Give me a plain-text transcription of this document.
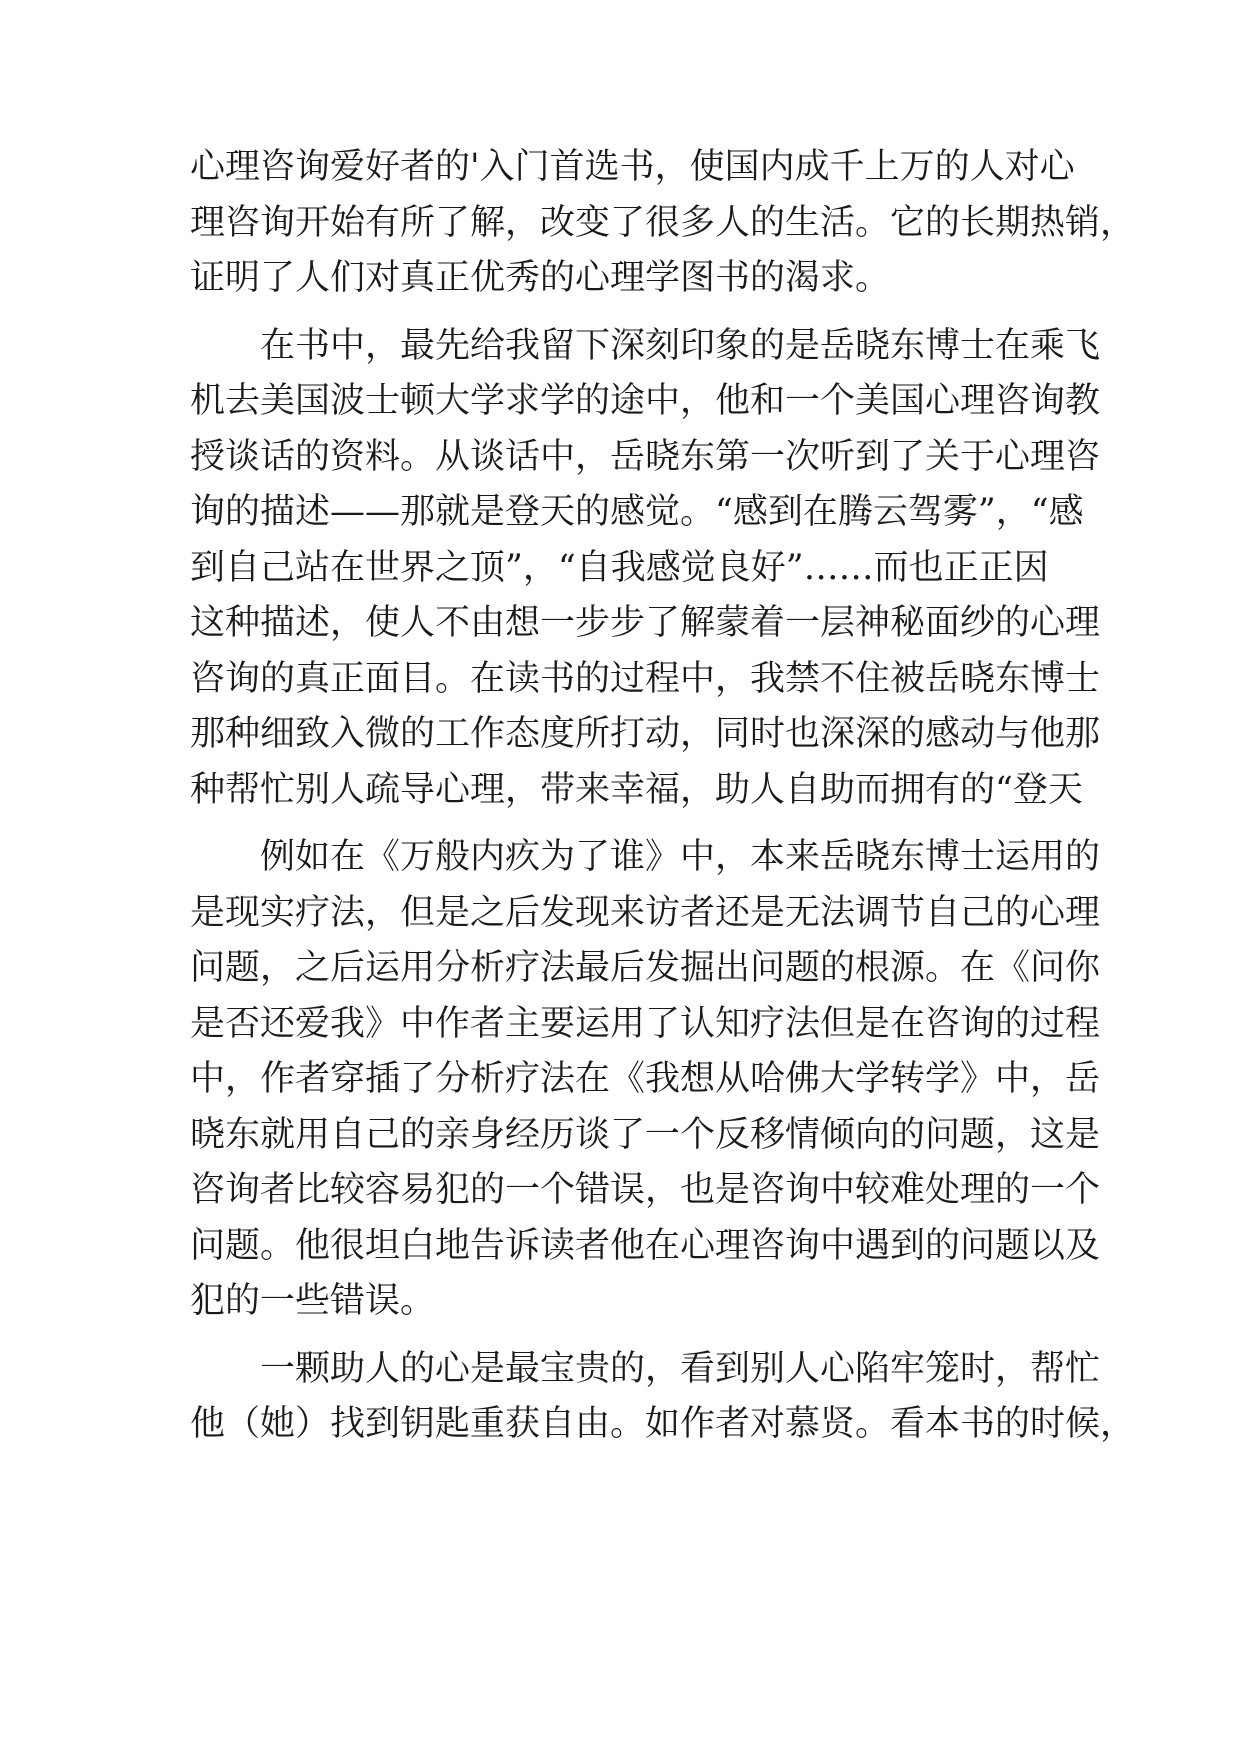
心理咨询爱好者的'入门首选书，使国内成千上万的人对心
理咨询开始有所了解，改变了很多人的生活。它的长期热销，
证明了人们对真正优秀的心理学图书的渴求。
　　在书中，最先给我留下深刻印象的是岳晓东博士在乘飞
机去美国波士顿大学求学的途中，他和一个美国心理咨询教
授谈话的资料。从谈话中，岳晓东第一次听到了关于心理咨
询的描述——那就是登天的感觉。“感到在腾云驾雾”，“感
到自己站在世界之顶”，“自我感觉良好”……而也正正因
这种描述，使人不由想一步步了解蒙着一层神秘面纱的心理
咨询的真正面目。在读书的过程中，我禁不住被岳晓东博士
那种细致入微的工作态度所打动，同时也深深的感动与他那
种帮忙别人疏导心理，带来幸福，助人自助而拥有的“登天
　　例如在《万般内疚为了谁》中，本来岳晓东博士运用的
是现实疗法，但是之后发现来访者还是无法调节自己的心理
问题，之后运用分析疗法最后发掘出问题的根源。在《问你
是否还爱我》中作者主要运用了认知疗法但是在咨询的过程
中，作者穿插了分析疗法在《我想从哈佛大学转学》中，岳
晓东就用自己的亲身经历谈了一个反移情倾向的问题，这是
咨询者比较容易犯的一个错误，也是咨询中较难处理的一个
问题。他很坦白地告诉读者他在心理咨询中遇到的问题以及
犯的一些错误。
　　一颗助人的心是最宝贵的，看到别人心陷牢笼时，帮忙
他（她）找到钥匙重获自由。如作者对慕贤。看本书的时候，
